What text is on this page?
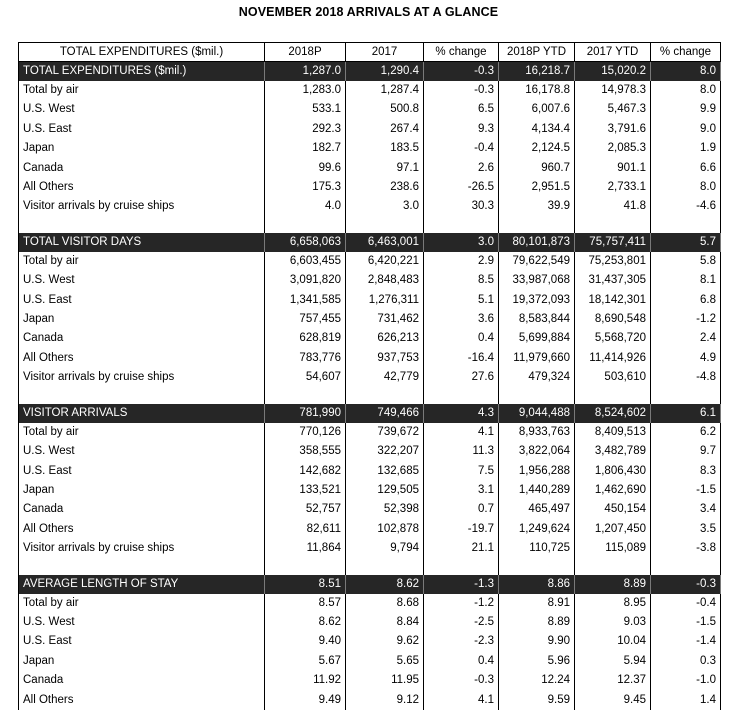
NOVEMBER 2018 ARRIVALS AT A GLANCE
TOTAL EXPENDITURES ($mil.)	2018P	2017	% change	2018P YTD	2017 YTD	% change
TOTAL EXPENDITURES ($mil.)	1,287.0	1,290.4	-0.3	16,218.7	15,020.2	8.0
Total by air	1,283.0	1,287.4	-0.3	16,178.8	14,978.3	8.0
U.S. West	533.1	500.8	6.5	6,007.6	5,467.3	9.9
U.S. East	292.3	267.4	9.3	4,134.4	3,791.6	9.0
Japan	182.7	183.5	-0.4	2,124.5	2,085.3	1.9
Canada	99.6	97.1	2.6	960.7	901.1	6.6
All Others	175.3	238.6	-26.5	2,951.5	2,733.1	8.0
Visitor arrivals by cruise ships	4.0	3.0	30.3	39.9	41.8	-4.6

TOTAL VISITOR DAYS	6,658,063	6,463,001	3.0	80,101,873	75,757,411	5.7
Total by air	6,603,455	6,420,221	2.9	79,622,549	75,253,801	5.8
U.S. West	3,091,820	2,848,483	8.5	33,987,068	31,437,305	8.1
U.S. East	1,341,585	1,276,311	5.1	19,372,093	18,142,301	6.8
Japan	757,455	731,462	3.6	8,583,844	8,690,548	-1.2
Canada	628,819	626,213	0.4	5,699,884	5,568,720	2.4
All Others	783,776	937,753	-16.4	11,979,660	11,414,926	4.9
Visitor arrivals by cruise ships	54,607	42,779	27.6	479,324	503,610	-4.8

VISITOR ARRIVALS	781,990	749,466	4.3	9,044,488	8,524,602	6.1
Total by air	770,126	739,672	4.1	8,933,763	8,409,513	6.2
U.S. West	358,555	322,207	11.3	3,822,064	3,482,789	9.7
U.S. East	142,682	132,685	7.5	1,956,288	1,806,430	8.3
Japan	133,521	129,505	3.1	1,440,289	1,462,690	-1.5
Canada	52,757	52,398	0.7	465,497	450,154	3.4
All Others	82,611	102,878	-19.7	1,249,624	1,207,450	3.5
Visitor arrivals by cruise ships	11,864	9,794	21.1	110,725	115,089	-3.8

AVERAGE LENGTH OF STAY	8.51	8.62	-1.3	8.86	8.89	-0.3
Total by air	8.57	8.68	-1.2	8.91	8.95	-0.4
U.S. West	8.62	8.84	-2.5	8.89	9.03	-1.5
U.S. East	9.40	9.62	-2.3	9.90	10.04	-1.4
Japan	5.67	5.65	0.4	5.96	5.94	0.3
Canada	11.92	11.95	-0.3	12.24	12.37	-1.0
All Others	9.49	9.12	4.1	9.59	9.45	1.4
